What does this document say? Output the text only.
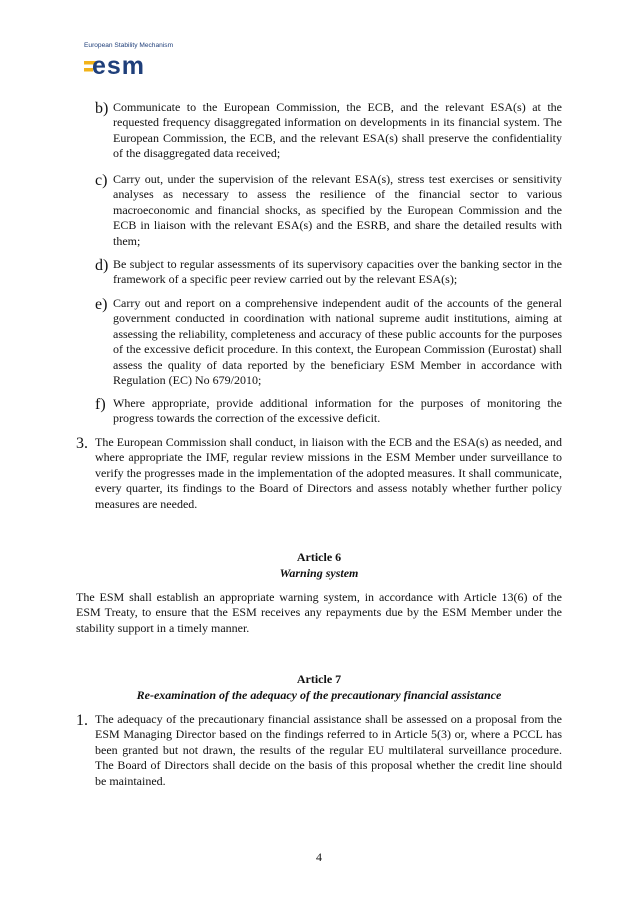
European Stability Mechanism
esm
b) Communicate to the European Commission, the ECB, and the relevant ESA(s) at the requested frequency disaggregated information on developments in its financial system. The European Commission, the ECB, and the relevant ESA(s) shall preserve the confidentiality of the disaggregated data received;

c) Carry out, under the supervision of the relevant ESA(s), stress test exercises or sensitivity analyses as necessary to assess the resilience of the financial sector to various macroeconomic and financial shocks, as specified by the European Commission and the ECB in liaison with the relevant ESA(s) and the ESRB, and share the detailed results with them;

d) Be subject to regular assessments of its supervisory capacities over the banking sector in the framework of a specific peer review carried out by the relevant ESA(s);

e) Carry out and report on a comprehensive independent audit of the accounts of the general government conducted in coordination with national supreme audit institutions, aiming at assessing the reliability, completeness and accuracy of these public accounts for the purposes of the excessive deficit procedure. In this context, the European Commission (Eurostat) shall assess the quality of data reported by the beneficiary ESM Member in accordance with Regulation (EC) No 679/2010;

f) Where appropriate, provide additional information for the purposes of monitoring the progress towards the correction of the excessive deficit.

3. The European Commission shall conduct, in liaison with the ECB and the ESA(s) as needed, and where appropriate the IMF, regular review missions in the ESM Member under surveillance to verify the progresses made in the implementation of the adopted measures. It shall communicate, every quarter, its findings to the Board of Directors and assess notably whether further policy measures are needed.

Article 6
Warning system

The ESM shall establish an appropriate warning system, in accordance with Article 13(6) of the ESM Treaty, to ensure that the ESM receives any repayments due by the ESM Member under the stability support in a timely manner.

Article 7
Re-examination of the adequacy of the precautionary financial assistance
1. The adequacy of the precautionary financial assistance shall be assessed on a proposal from the ESM Managing Director based on the findings referred to in Article 5(3) or, where a PCCL has been granted but not drawn, the results of the regular EU multilateral surveillance procedure. The Board of Directors shall decide on the basis of this proposal whether the credit line should be maintained.

4
